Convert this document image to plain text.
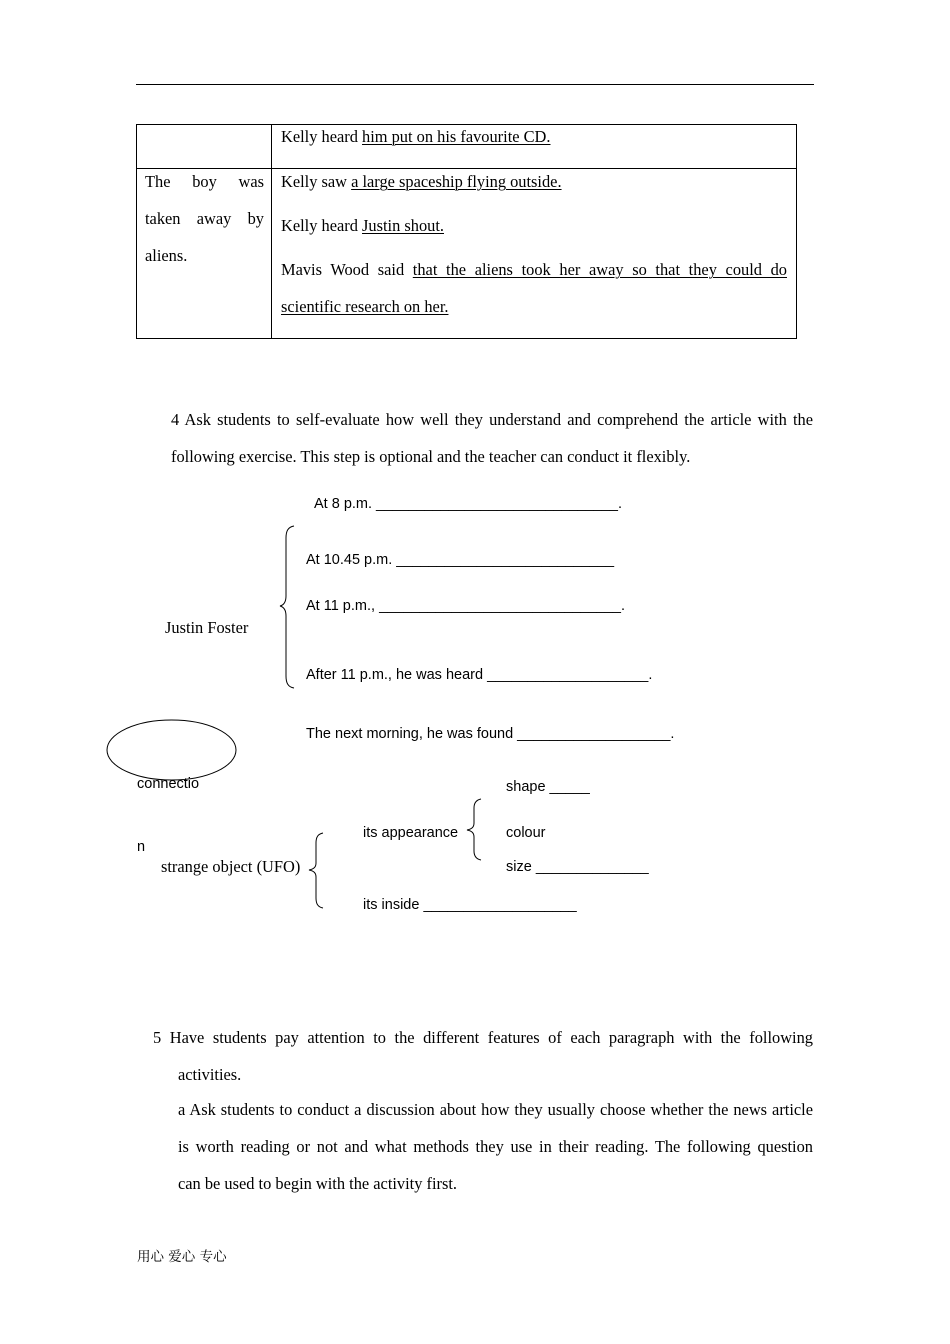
Kelly heard him put on his favourite CD.
The boy was
taken away by
aliens.
Kelly saw a large spaceship flying outside.
Kelly heard Justin shout.
Mavis Wood said that the aliens took her away so that they could do
scientific research on her.
4 Ask students to self-evaluate how well they understand and comprehend the article with the
following exercise. This step is optional and the teacher can conduct it flexibly.
At 8 p.m. ______________________________.
At 10.45 p.m. ___________________________
At 11 p.m., ______________________________.
Justin Foster
After 11 p.m., he was heard ____________________.
The next morning, he was found ___________________.

connectio

n

shape _____
its appearance	colour
strange object (UFO)	size ______________
its inside ___________________
5 Have students pay attention to the different features of each paragraph with the following
activities.
a Ask students to conduct a discussion about how they usually choose whether the news article
is worth reading or not and what methods they use in their reading. The following question
can be used to begin with the activity first.
用心 爱心 专心
